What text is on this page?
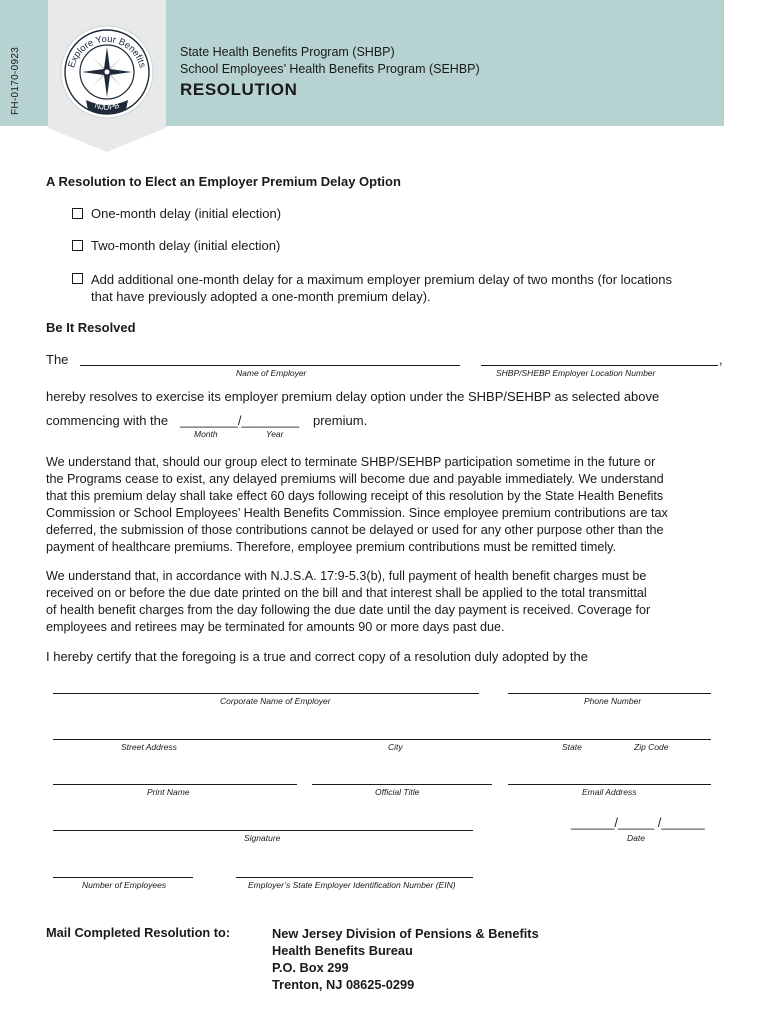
FH-0170-0923	Explore Your Benefits
NJDPB
State Health Benefits Program (SHBP)
School Employees’ Health Benefits Program (SEHBP)
RESOLUTION
A Resolution to Elect an Employer Premium Delay Option
One-month delay (initial election)
Two-month delay (initial election)
Add additional one-month delay for a maximum employer premium delay of two months (for locations
that have previously adopted a one-month premium delay).
Be It Resolved
The
Name of Employer
,
SHBP/SHEBP Employer Location Number
hereby resolves to exercise its employer premium delay option under the SHBP/SEHBP as selected above
commencing with the ________/________ premium.
Month	Year
We understand that, should our group elect to terminate SHBP/SEHBP participation sometime in the future or
the Programs cease to exist, any delayed premiums will become due and payable immediately. We understand
that this premium delay shall take effect 60 days following receipt of this resolution by the State Health Benefits
Commission or School Employees’ Health Benefits Commission. Since employee premium contributions are tax
deferred, the submission of those contributions cannot be delayed or used for any other purpose other than the
payment of healthcare premiums. Therefore, employee premium contributions must be remitted timely.
We understand that, in accordance with N.J.S.A. 17:9-5.3(b), full payment of health benefit charges must be
received on or before the due date printed on the bill and that interest shall be applied to the total transmittal
of health benefit charges from the day following the due date until the day payment is received. Coverage for
employees and retirees may be terminated for amounts 90 or more days past due.
I hereby certify that the foregoing is a true and correct copy of a resolution duly adopted by the
Corporate Name of Employer	Phone Number
Street Address	City	State	Zip Code
Print Name	Official Title	Email Address
Signature
______/_____ /______
Date
Number of Employees	Employer’s State Employer Identification Number (EIN)
Mail Completed Resolution to:	New Jersey Division of Pensions & Benefits
Health Benefits Bureau
P.O. Box 299
Trenton, NJ 08625-0299
